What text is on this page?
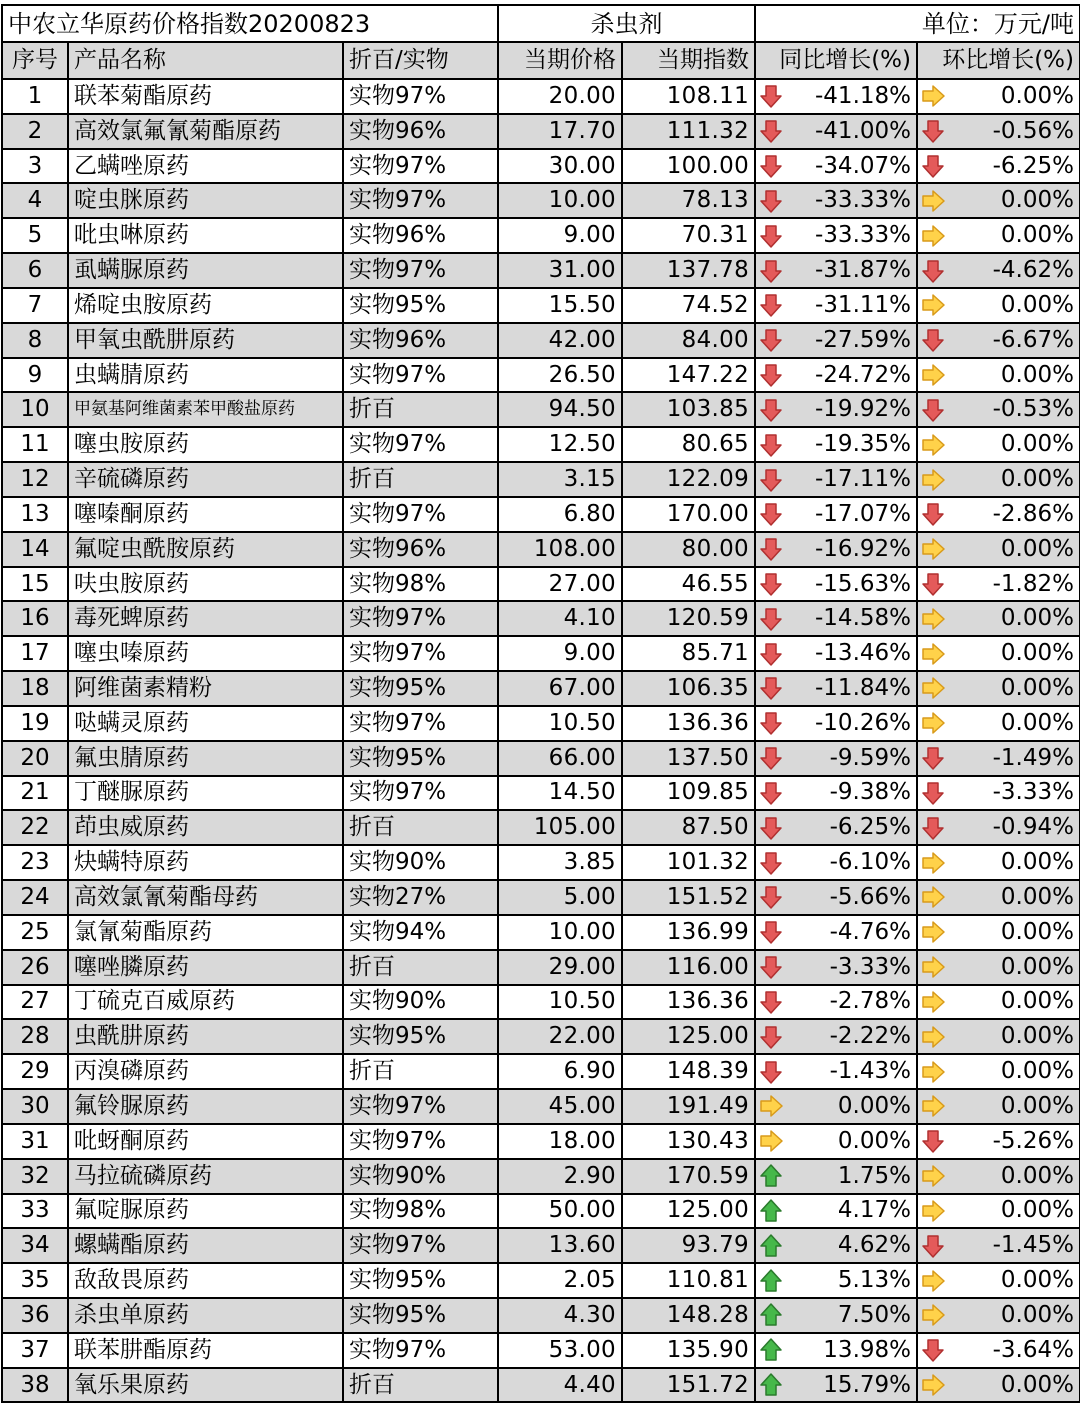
中农立华原药价格指数20200823			杀虫剂		单位：万元/吨	
序号	产品名称	折百/实物	当期价格	当期指数	同比增长(%)	环比增长(%)
1	联苯菊酯原药	实物97%	20.00	108.11	-41.18%	0.00%
2	高效氯氟氰菊酯原药	实物96%	17.70	111.32	-41.00%	-0.56%
3	乙螨唑原药	实物97%	30.00	100.00	-34.07%	-6.25%
4	啶虫脒原药	实物97%	10.00	78.13	-33.33%	0.00%
5	吡虫啉原药	实物96%	9.00	70.31	-33.33%	0.00%
6	虱螨脲原药	实物97%	31.00	137.78	-31.87%	-4.62%
7	烯啶虫胺原药	实物95%	15.50	74.52	-31.11%	0.00%
8	甲氧虫酰肼原药	实物96%	42.00	84.00	-27.59%	-6.67%
9	虫螨腈原药	实物97%	26.50	147.22	-24.72%	0.00%
10	甲氨基阿维菌素苯甲酸盐原药	折百	94.50	103.85	-19.92%	-0.53%
11	噻虫胺原药	实物97%	12.50	80.65	-19.35%	0.00%
12	辛硫磷原药	折百	3.15	122.09	-17.11%	0.00%
13	噻嗪酮原药	实物97%	6.80	170.00	-17.07%	-2.86%
14	氟啶虫酰胺原药	实物96%	108.00	80.00	-16.92%	0.00%
15	呋虫胺原药	实物98%	27.00	46.55	-15.63%	-1.82%
16	毒死蜱原药	实物97%	4.10	120.59	-14.58%	0.00%
17	噻虫嗪原药	实物97%	9.00	85.71	-13.46%	0.00%
18	阿维菌素精粉	实物95%	67.00	106.35	-11.84%	0.00%
19	哒螨灵原药	实物97%	10.50	136.36	-10.26%	0.00%
20	氟虫腈原药	实物95%	66.00	137.50	-9.59%	-1.49%
21	丁醚脲原药	实物97%	14.50	109.85	-9.38%	-3.33%
22	茚虫威原药	折百	105.00	87.50	-6.25%	-0.94%
23	炔螨特原药	实物90%	3.85	101.32	-6.10%	0.00%
24	高效氯氰菊酯母药	实物27%	5.00	151.52	-5.66%	0.00%
25	氯氰菊酯原药	实物94%	10.00	136.99	-4.76%	0.00%
26	噻唑膦原药	折百	29.00	116.00	-3.33%	0.00%
27	丁硫克百威原药	实物90%	10.50	136.36	-2.78%	0.00%
28	虫酰肼原药	实物95%	22.00	125.00	-2.22%	0.00%
29	丙溴磷原药	折百	6.90	148.39	-1.43%	0.00%
30	氟铃脲原药	实物97%	45.00	191.49	0.00%	0.00%
31	吡蚜酮原药	实物97%	18.00	130.43	0.00%	-5.26%
32	马拉硫磷原药	实物90%	2.90	170.59	1.75%	0.00%
33	氟啶脲原药	实物98%	50.00	125.00	4.17%	0.00%
34	螺螨酯原药	实物97%	13.60	93.79	4.62%	-1.45%
35	敌敌畏原药	实物95%	2.05	110.81	5.13%	0.00%
36	杀虫单原药	实物95%	4.30	148.28	7.50%	0.00%
37	联苯肼酯原药	实物97%	53.00	135.90	13.98%	-3.64%
38	氧乐果原药	折百	4.40	151.72	15.79%	0.00%
